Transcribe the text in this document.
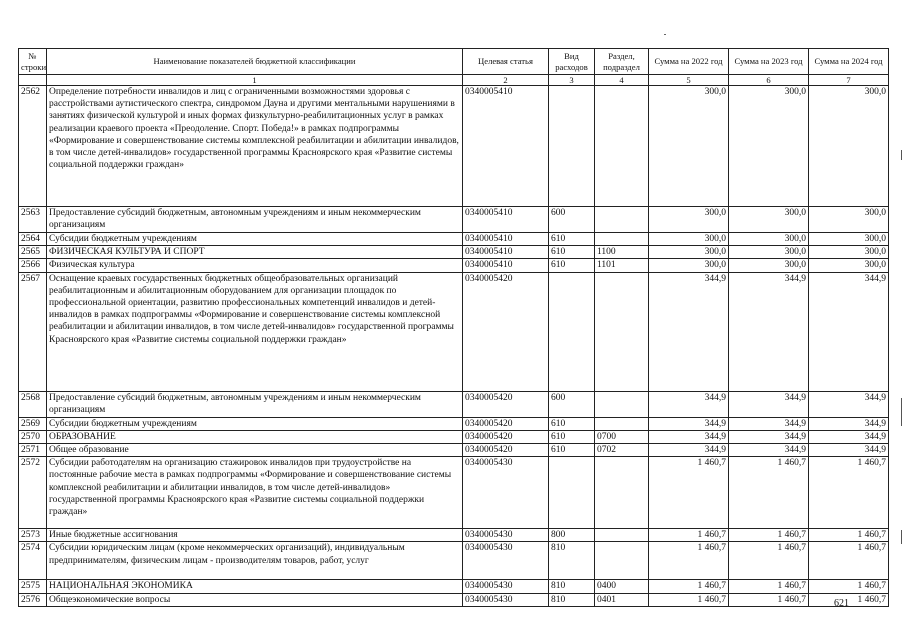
№ строки	Наименование показателей бюджетной классификации	Целевая статья	Вид расходов	Раздел, подраздел	Сумма на 2022 год	Сумма на 2023 год	Сумма на 2024 год
	1	2	3	4	5	6	7
2562	Определение потребности инвалидов и лиц с ограниченными возможностями здоровья с расстройствами аутистического спектра, синдромом Дауна и другими ментальными нарушениями в занятиях физической культурой и иных формах физкультурно-реабилитационных услуг в рамках реализации краевого проекта «Преодоление. Спорт. Победа!» в рамках подпрограммы «Формирование и совершенствование системы комплексной реабилитации и абилитации инвалидов, в том числе детей-инвалидов» государственной программы Красноярского края «Развитие системы социальной поддержки граждан»	0340005410			300,0	300,0	300,0
2563	Предоставление субсидий бюджетным, автономным учреждениям и иным некоммерческим организациям	0340005410	600		300,0	300,0	300,0
2564	Субсидии бюджетным учреждениям	0340005410	610		300,0	300,0	300,0
2565	ФИЗИЧЕСКАЯ КУЛЬТУРА И СПОРТ	0340005410	610	1100	300,0	300,0	300,0
2566	Физическая культура	0340005410	610	1101	300,0	300,0	300,0
2567	Оснащение краевых государственных бюджетных общеобразовательных организаций реабилитационным и абилитационным оборудованием для организации площадок по профессиональной ориентации, развитию профессиональных компетенций инвалидов и детей-инвалидов в рамках подпрограммы «Формирование и совершенствование системы комплексной реабилитации и абилитации инвалидов, в том числе детей-инвалидов» государственной программы Красноярского края «Развитие системы социальной поддержки граждан»	0340005420			344,9	344,9	344,9
2568	Предоставление субсидий бюджетным, автономным учреждениям и иным некоммерческим организациям	0340005420	600		344,9	344,9	344,9
2569	Субсидии бюджетным учреждениям	0340005420	610		344,9	344,9	344,9
2570	ОБРАЗОВАНИЕ	0340005420	610	0700	344,9	344,9	344,9
2571	Общее образование	0340005420	610	0702	344,9	344,9	344,9
2572	Субсидии работодателям на организацию стажировок инвалидов при трудоустройстве на постоянные рабочие места в рамках подпрограммы «Формирование и совершенствование системы комплексной реабилитации и абилитации инвалидов, в том числе детей-инвалидов» государственной программы Красноярского края «Развитие системы социальной поддержки граждан»	0340005430			1 460,7	1 460,7	1 460,7
2573	Иные бюджетные ассигнования	0340005430	800		1 460,7	1 460,7	1 460,7
2574	Субсидии юридическим лицам (кроме некоммерческих организаций), индивидуальным предпринимателям, физическим лицам - производителям товаров, работ, услуг	0340005430	810		1 460,7	1 460,7	1 460,7
2575	НАЦИОНАЛЬНАЯ ЭКОНОМИКА	0340005430	810	0400	1 460,7	1 460,7	1 460,7
2576	Общеэкономические вопросы	0340005430	810	0401	1 460,7	1 460,7	1 460,7
621
